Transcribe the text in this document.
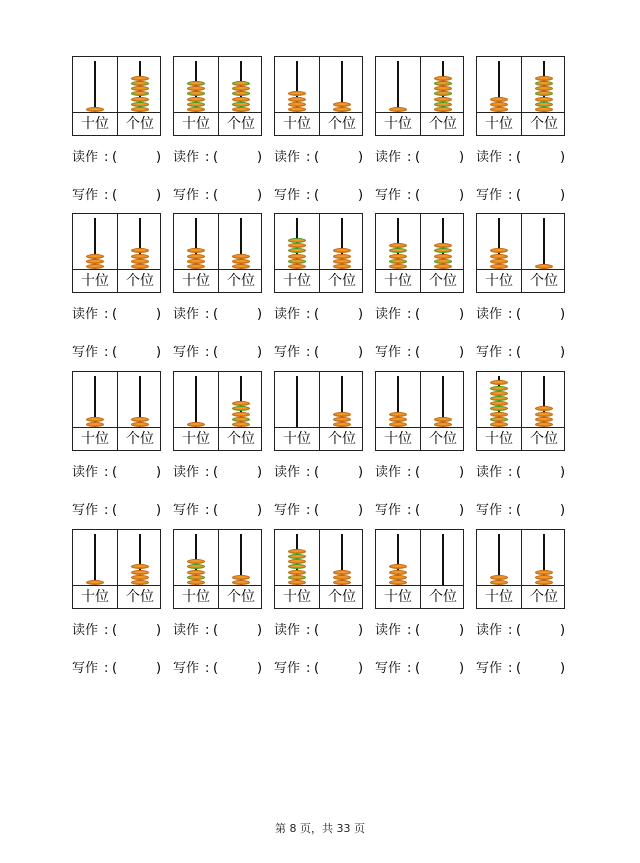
十位	个位
读作 : (	)
写作 : (	)
十位	个位
读作 : (	)
写作 : (	)
十位	个位
读作 : (	)
写作 : (	)
十位	个位
读作 : (	)
写作 : (	)
十位	个位
读作 : (	)
写作 : (	)
十位	个位
读作 : (	)
写作 : (	)
十位	个位
读作 : (	)
写作 : (	)
十位	个位
读作 : (	)
写作 : (	)
十位	个位
读作 : (	)
写作 : (	)
十位	个位
读作 : (	)
写作 : (	)
十位	个位
读作 : (	)
写作 : (	)
十位	个位
读作 : (	)
写作 : (	)
十位	个位
读作 : (	)
写作 : (	)
十位	个位
读作 : (	)
写作 : (	)
十位	个位
读作 : (	)
写作 : (	)
十位	个位
读作 : (	)
写作 : (	)
十位	个位
读作 : (	)
写作 : (	)
十位	个位
读作 : (	)
写作 : (	)
十位	个位
读作 : (	)
写作 : (	)
十位	个位
读作 : (	)
写作 : (	)
第 8 页，共 33 页
